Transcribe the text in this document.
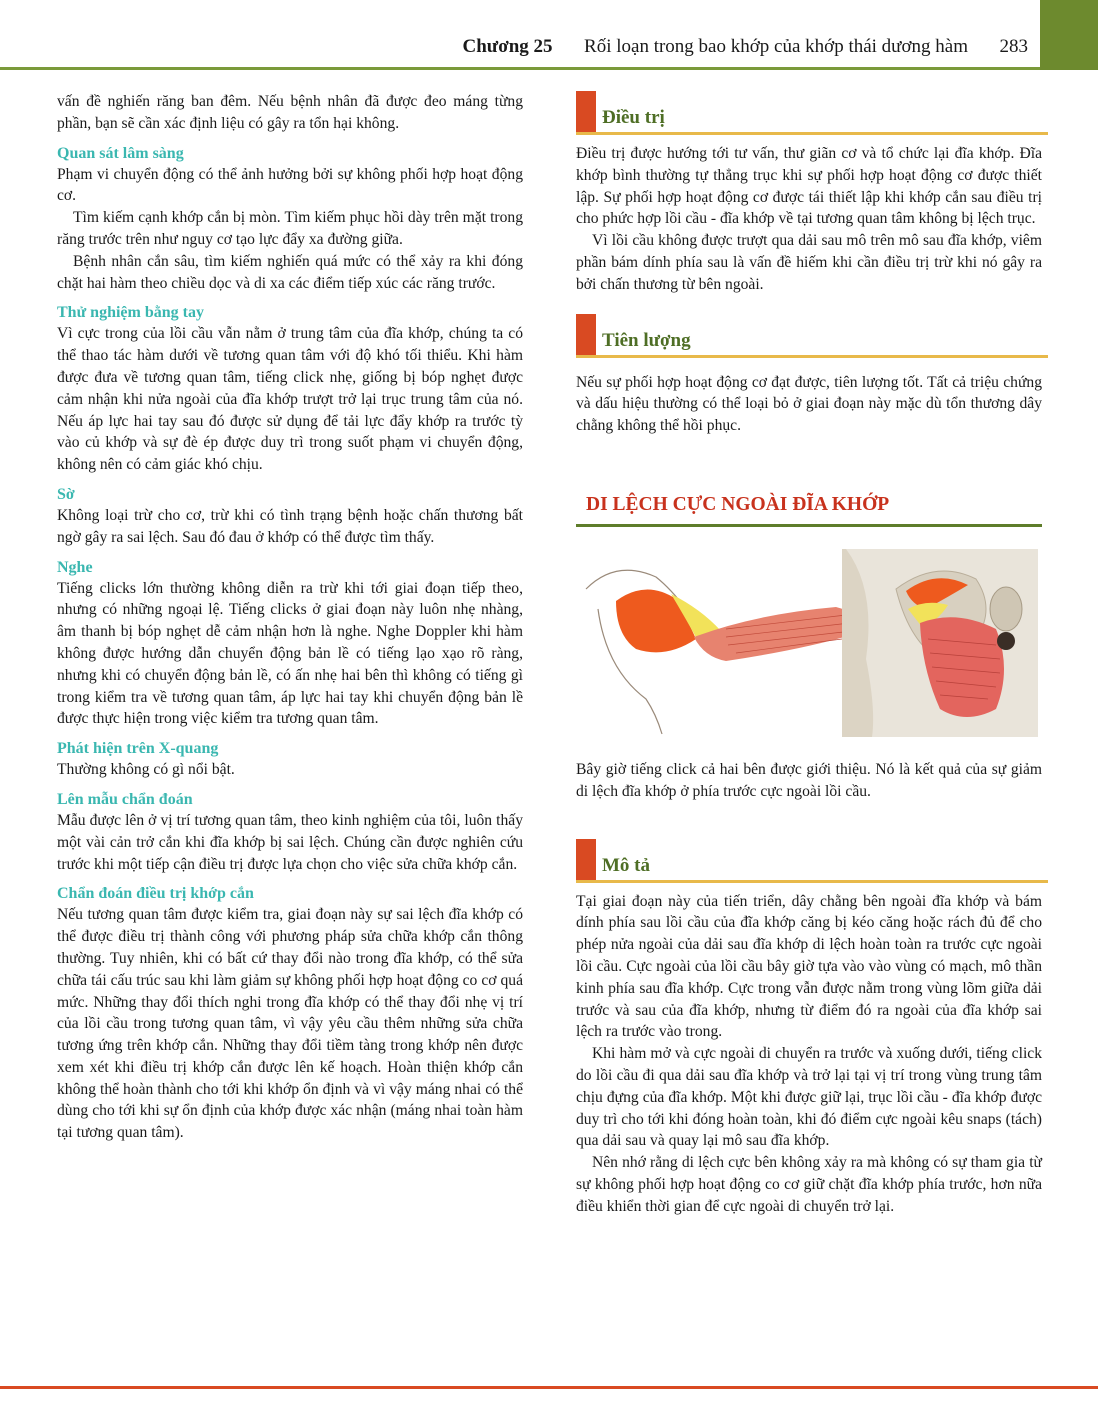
Chương 25 Rối loạn trong bao khớp của khớp thái dương hàm 283

vấn đề nghiến răng ban đêm. Nếu bệnh nhân đã được đeo máng từng phần, bạn sẽ cần xác định liệu có gây ra tổn hại không.

Quan sát lâm sàng

Phạm vi chuyển động có thể ảnh hưởng bởi sự không phối hợp hoạt động cơ.

Tìm kiếm cạnh khớp cắn bị mòn. Tìm kiếm phục hồi dày trên mặt trong răng trước trên như nguy cơ tạo lực đẩy xa đường giữa.

Bệnh nhân cắn sâu, tìm kiếm nghiến quá mức có thể xảy ra khi đóng chặt hai hàm theo chiều dọc và di xa các điểm tiếp xúc các răng trước.

Thử nghiệm bằng tay

Vì cực trong của lồi cầu vẫn nằm ở trung tâm của đĩa khớp, chúng ta có thể thao tác hàm dưới về tương quan tâm với độ khó tối thiểu. Khi hàm được đưa về tương quan tâm, tiếng click nhẹ, giống bị bóp nghẹt được cảm nhận khi nửa ngoài của đĩa khớp trượt trở lại trục trung tâm của nó. Nếu áp lực hai tay sau đó được sử dụng để tải lực đẩy khớp ra trước tỳ vào củ khớp và sự đè ép được duy trì trong suốt phạm vi chuyển động, không nên có cảm giác khó chịu.

Sờ

Không loại trừ cho cơ, trừ khi có tình trạng bệnh hoặc chấn thương bất ngờ gây ra sai lệch. Sau đó đau ở khớp có thể được tìm thấy.

Nghe

Tiếng clicks lớn thường không diễn ra trừ khi tới giai đoạn tiếp theo, nhưng có những ngoại lệ. Tiếng clicks ở giai đoạn này luôn nhẹ nhàng, âm thanh bị bóp nghẹt dễ cảm nhận hơn là nghe. Nghe Doppler khi hàm không được hướng dẫn chuyển động bản lề có tiếng lạo xạo rõ ràng, nhưng khi có chuyển động bản lề, có ấn nhẹ hai bên thì không có tiếng gì trong kiểm tra về tương quan tâm, áp lực hai tay khi chuyển động bản lề được thực hiện trong việc kiểm tra tương quan tâm.

Phát hiện trên X-quang

Thường không có gì nổi bật.

Lên mẫu chẩn đoán

Mẫu được lên ở vị trí tương quan tâm, theo kinh nghiệm của tôi, luôn thấy một vài cản trở cắn khi đĩa khớp bị sai lệch. Chúng cần được nghiên cứu trước khi một tiếp cận điều trị được lựa chọn cho việc sửa chữa khớp cắn.

Chẩn đoán điều trị khớp cắn

Nếu tương quan tâm được kiểm tra, giai đoạn này sự sai lệch đĩa khớp có thể được điều trị thành công với phương pháp sửa chữa khớp cắn thông thường. Tuy nhiên, khi có bất cứ thay đổi nào trong đĩa khớp, có thể sửa chữa tái cấu trúc sau khi làm giảm sự không phối hợp hoạt động co cơ quá mức. Những thay đổi thích nghi trong đĩa khớp có thể thay đổi nhẹ vị trí của lồi cầu trong tương quan tâm, vì vậy yêu cầu thêm những sửa chữa tương ứng trên khớp cắn. Những thay đổi tiềm tàng trong khớp nên được xem xét khi điều trị khớp cắn được lên kế hoạch. Hoàn thiện khớp cắn không thể hoàn thành cho tới khi khớp ổn định và vì vậy máng nhai có thể dùng cho tới khi sự ổn định của khớp được xác nhận (máng nhai toàn hàm tại tương quan tâm).

Điều trị

Điều trị được hướng tới tư vấn, thư giãn cơ và tổ chức lại đĩa khớp. Đĩa khớp bình thường tự thẳng trục khi sự phối hợp hoạt động cơ được thiết lập. Sự phối hợp hoạt động cơ được tái thiết lập khi khớp cắn sau điều trị cho phức hợp lồi cầu - đĩa khớp về tại tương quan tâm không bị lệch trục.

Vì lồi cầu không được trượt qua dải sau mô trên mô sau đĩa khớp, viêm phần bám dính phía sau là vấn đề hiếm khi cần điều trị trừ khi nó gây ra bởi chấn thương từ bên ngoài.

Tiên lượng

Nếu sự phối hợp hoạt động cơ đạt được, tiên lượng tốt. Tất cả triệu chứng và dấu hiệu thường có thể loại bỏ ở giai đoạn này mặc dù tổn thương dây chằng không thể hồi phục.

DI LỆCH CỰC NGOÀI ĐĨA KHỚP

Bây giờ tiếng click cả hai bên được giới thiệu. Nó là kết quả của sự giảm di lệch đĩa khớp ở phía trước cực ngoài lồi cầu.

Mô tả

Tại giai đoạn này của tiến triển, dây chằng bên ngoài đĩa khớp và bám dính phía sau lồi cầu của đĩa khớp căng bị kéo căng hoặc rách đủ để cho phép nửa ngoài của dải sau đĩa khớp di lệch hoàn toàn ra trước cực ngoài lồi cầu. Cực ngoài của lồi cầu bây giờ tựa vào vào vùng có mạch, mô thần kinh phía sau đĩa khớp. Cực trong vẫn được nằm trong vùng lõm giữa dải trước và sau của đĩa khớp, nhưng từ điểm đó ra ngoài của đĩa khớp sai lệch ra trước vào trong.

Khi hàm mở và cực ngoài di chuyển ra trước và xuống dưới, tiếng click do lồi cầu đi qua dải sau đĩa khớp và trở lại tại vị trí trong vùng trung tâm chịu đựng của đĩa khớp. Một khi được giữ lại, trục lồi cầu - đĩa khớp được duy trì cho tới khi đóng hoàn toàn, khi đó điểm cực ngoài kêu snaps (tách) qua dải sau và quay lại mô sau đĩa khớp.

Nên nhớ rằng di lệch cực bên không xảy ra mà không có sự tham gia từ sự không phối hợp hoạt động co cơ giữ chặt đĩa khớp phía trước, hơn nữa điều khiển thời gian để cực ngoài di chuyển trở lại.
